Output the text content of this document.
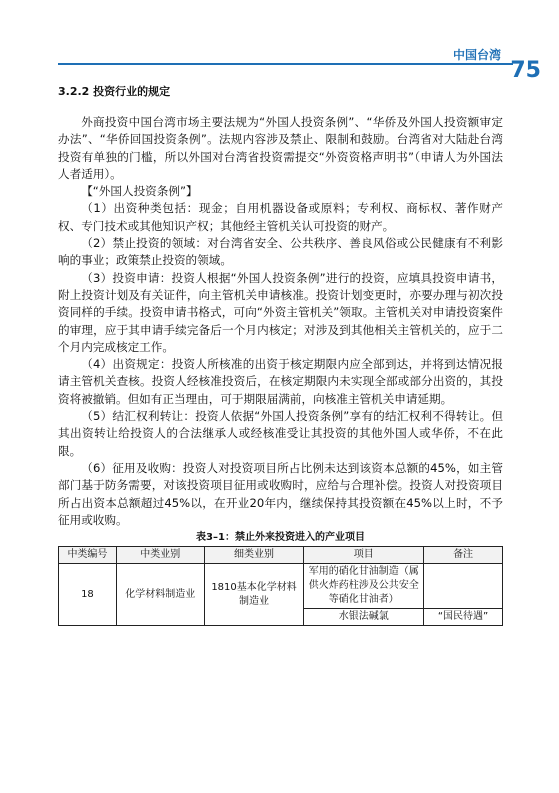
中国台湾
75
3.2.2 投资行业的规定

外商投资中国台湾市场主要法规为“外国人投资条例”、“华侨及外国人投资额审定办法”、“华侨回国投资条例”。法规内容涉及禁止、限制和鼓励。台湾省对大陆赴台湾投资有单独的门槛，所以外国对台湾省投资需提交“外资资格声明书”（申请人为外国法人者适用）。

【“外国人投资条例”】

（1）出资种类包括：现金；自用机器设备或原料；专利权、商标权、著作财产权、专门技术或其他知识产权；其他经主管机关认可投资的财产。

（2）禁止投资的领域：对台湾省安全、公共秩序、善良风俗或公民健康有不利影响的事业；政策禁止投资的领域。

（3）投资申请：投资人根据“外国人投资条例”进行的投资，应填具投资申请书，附上投资计划及有关证件，向主管机关申请核准。投资计划变更时，亦要办理与初次投资同样的手续。投资申请书格式，可向“外资主管机关”领取。主管机关对申请投资案件的审理，应于其申请手续完备后一个月内核定；对涉及到其他相关主管机关的，应于二个月内完成核定工作。

（4）出资规定：投资人所核准的出资于核定期限内应全部到达，并将到达情况报请主管机关查核。投资人经核准投资后，在核定期限内未实现全部或部分出资的，其投资将被撤销。但如有正当理由，可于期限届满前，向核准主管机关申请延期。

（5）结汇权利转让：投资人依据“外国人投资条例”享有的结汇权利不得转让。但其出资转让给投资人的合法继承人或经核准受让其投资的其他外国人或华侨，不在此限。

（6）征用及收购：投资人对投资项目所占比例未达到该资本总额的45%，如主管部门基于防务需要，对该投资项目征用或收购时，应给与合理补偿。投资人对投资项目所占出资本总额超过45%以，在开业20年内，继续保持其投资额在45%以上时，不予征用或收购。

表3–1：禁止外来投资进入的产业项目
中类编号	中类业别	细类业别	项目	备注
18	化学材料制造业	1810基本化学材料制造业	军用的硝化甘油制造（属供火炸药柱涉及公共安全等硝化甘油者）	
			水银法碱氯	“国民待遇”
